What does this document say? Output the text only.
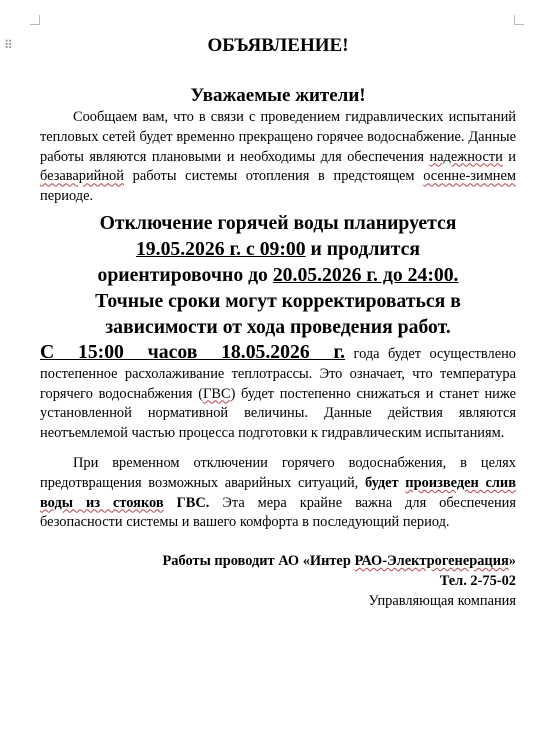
⠿	ОБЪЯВЛЕНИЕ!
Уважаемые жители!

Сообщаем вам, что в связи с проведением гидравлических испытаний тепловых сетей будет временно прекращено горячее водоснабжение. Данные работы являются плановыми и необходимы для обеспечения надежности и безаварийной работы системы отопления в предстоящем осенне-зимнем периоде.

Отключение горячей воды планируется

19.05.2026 г. с 09:00 и продлится

ориентировочно до 20.05.2026 г. до 24:00.

Точные сроки могут корректироваться в зависимости от хода проведения работ.

С 15:00 часов 18.05.2026 г. года будет осуществлено постепенное расхолаживание теплотрассы. Это означает, что температура горячего водоснабжения (ГВС) будет постепенно снижаться и станет ниже установленной нормативной величины. Данные действия являются неотъемлемой частью процесса подготовки к гидравлическим испытаниям.

При временном отключении горячего водоснабжения, в целях предотвращения возможных аварийных ситуаций, будет произведен слив воды из стояков ГВС. Эта мера крайне важна для обеспечения безопасности системы и вашего комфорта в последующий период.

Работы проводит АО «Интер РАО-Электрогенерация»

Тел. 2-75-02

Управляющая компания
